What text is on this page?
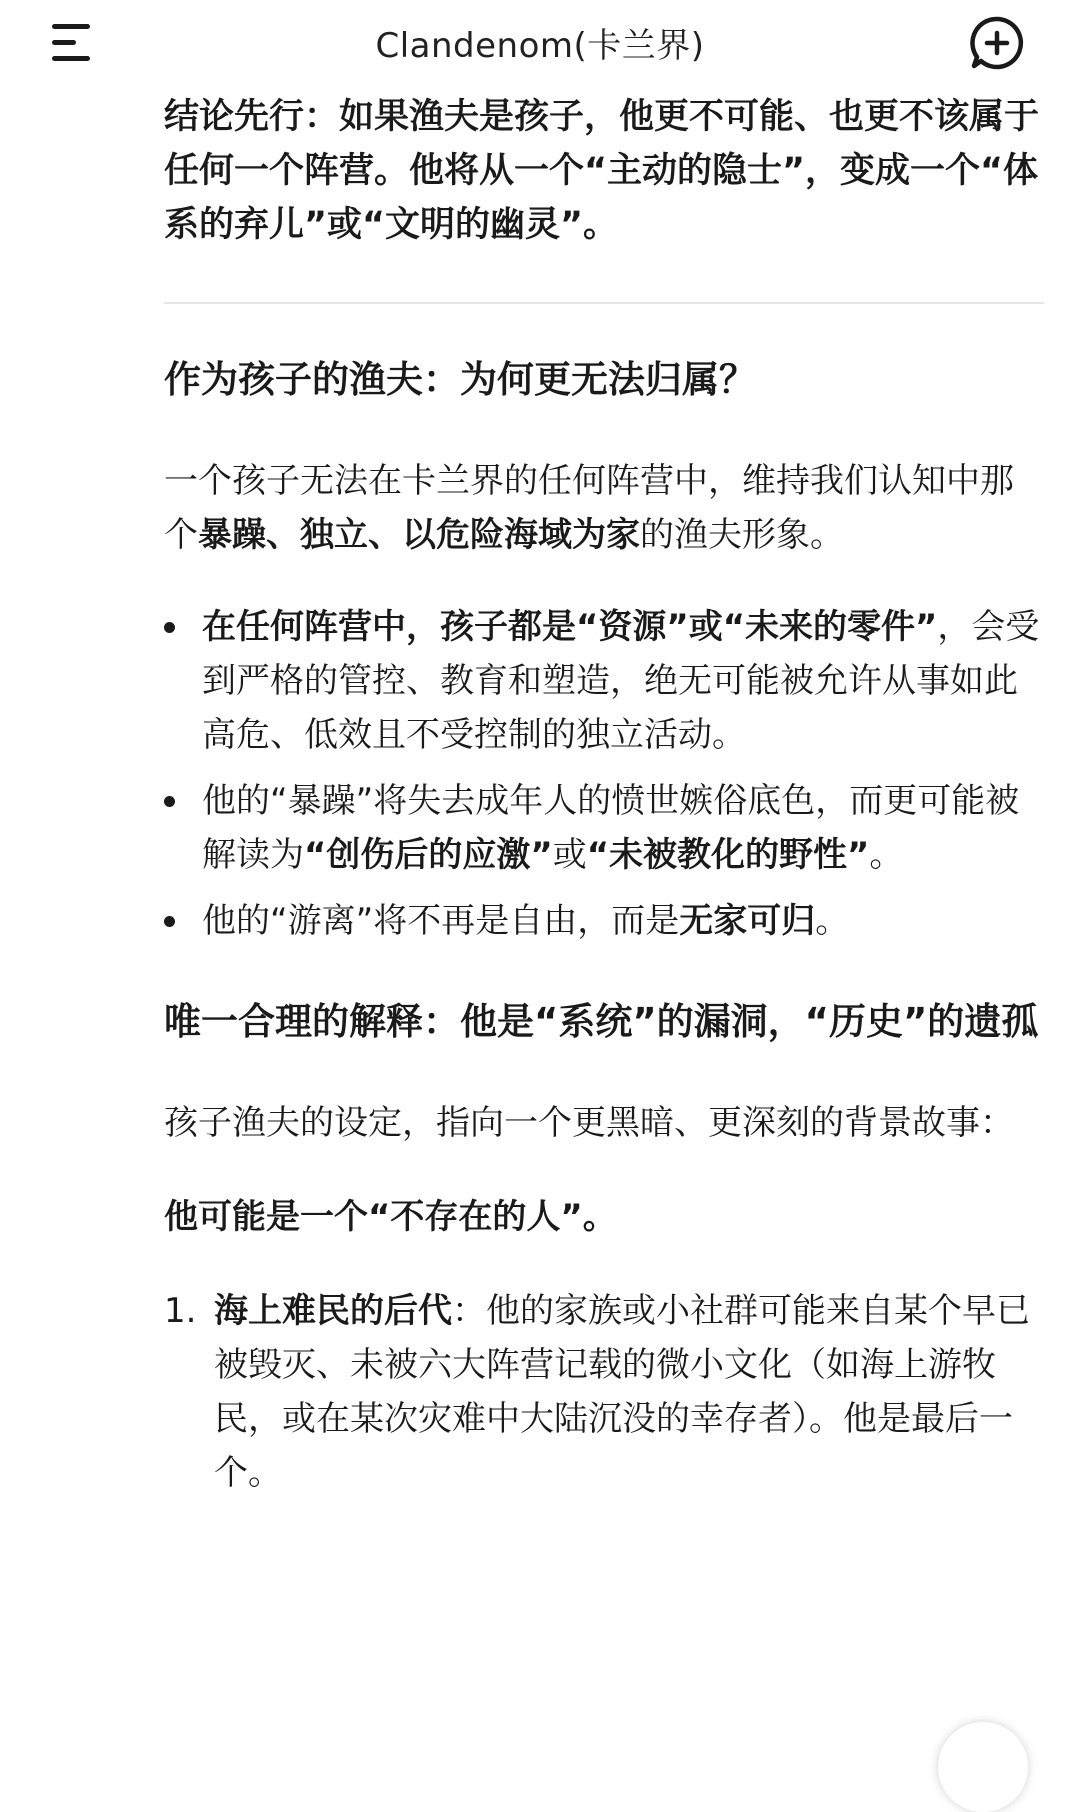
Clandenom(卡兰界)

结论先行：如果渔夫是孩子，他更不可能、也更不该属于任何一个阵营。他将从一个“主动的隐士”，变成一个“体系的弃儿”或“文明的幽灵”。

作为孩子的渔夫：为何更无法归属？

一个孩子无法在卡兰界的任何阵营中，维持我们认知中那个暴躁、独立、以危险海域为家的渔夫形象。

在任何阵营中，孩子都是“资源”或“未来的零件”，会受到严格的管控、教育和塑造，绝无可能被允许从事如此高危、低效且不受控制的独立活动。
他的“暴躁”将失去成年人的愤世嫉俗底色，而更可能被解读为“创伤后的应激”或“未被教化的野性”。
他的“游离”将不再是自由，而是无家可归。
唯一合理的解释：他是“系统”的漏洞，“历史”的遗孤

孩子渔夫的设定，指向一个更黑暗、更深刻的背景故事：

他可能是一个“不存在的人”。

1. 海上难民的后代：他的家族或小社群可能来自某个早已被毁灭、未被六大阵营记载的微小文化（如海上游牧民，或在某次灾难中大陆沉没的幸存者）。他是最后一个。
